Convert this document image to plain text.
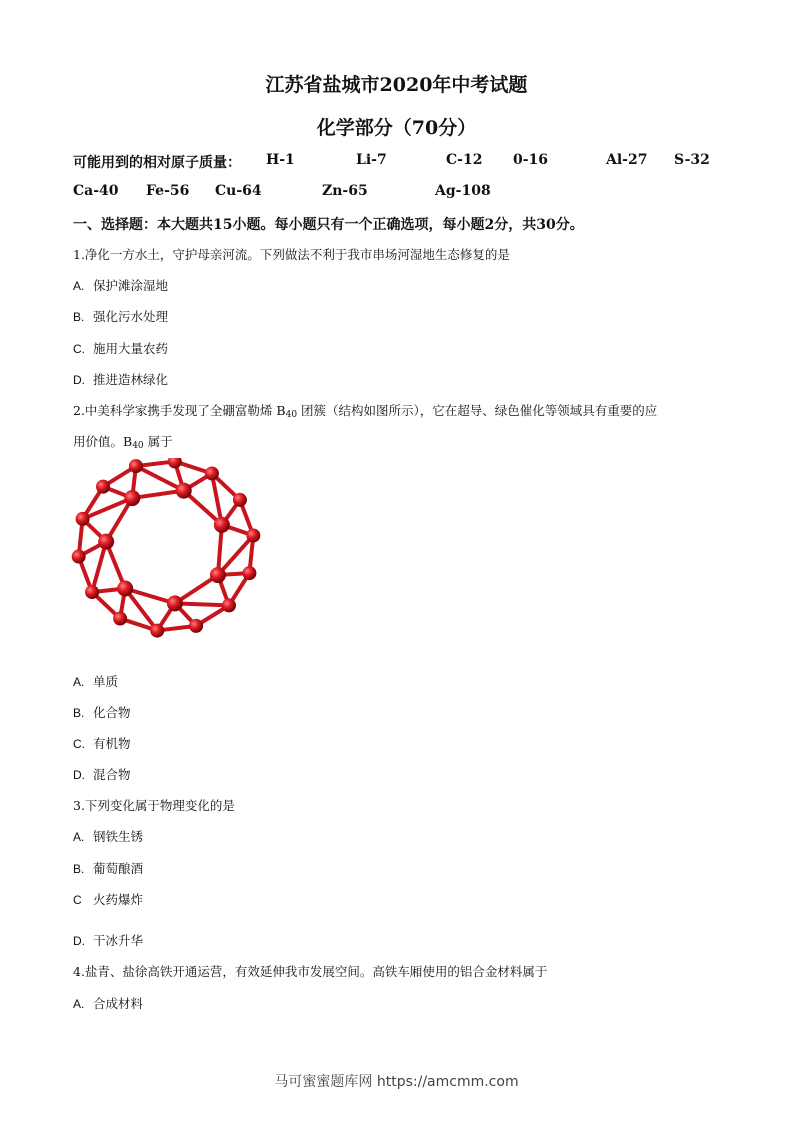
江苏省盐城市2020年中考试题
化学部分（70分）
可能用到的相对原子质量： H-1	Li-7	C-12 0-16	Al-27 S-32
Ca-40 Fe-56 Cu-64	Zn-65	Ag-108
一、选择题：本大题共15小题。每小题只有一个正确选项，每小题2分，共30分。
1.净化一方水土，守护母亲河流。下列做法不利于我市串场河湿地生态修复的是
A. 保护滩涂湿地
B. 强化污水处理
C. 施用大量农药
D. 推进造林绿化
2.中美科学家携手发现了全硼富勒烯 $B_{40}$ 团簇（结构如图所示），它在超导、绿色催化等领域具有重要的应
用价值。$B_{40}$ 属于
A. 单质
B. 化合物
C. 有机物
D. 混合物
3.下列变化属于物理变化的是
A. 钢铁生锈
B. 葡萄酿酒
C 火药爆炸
D. 干冰升华
4.盐青、盐徐高铁开通运营，有效延伸我市发展空间。高铁车厢使用的铝合金材料属于
A. 合成材料
马可蜜蜜题库网 https://amcmm.com
